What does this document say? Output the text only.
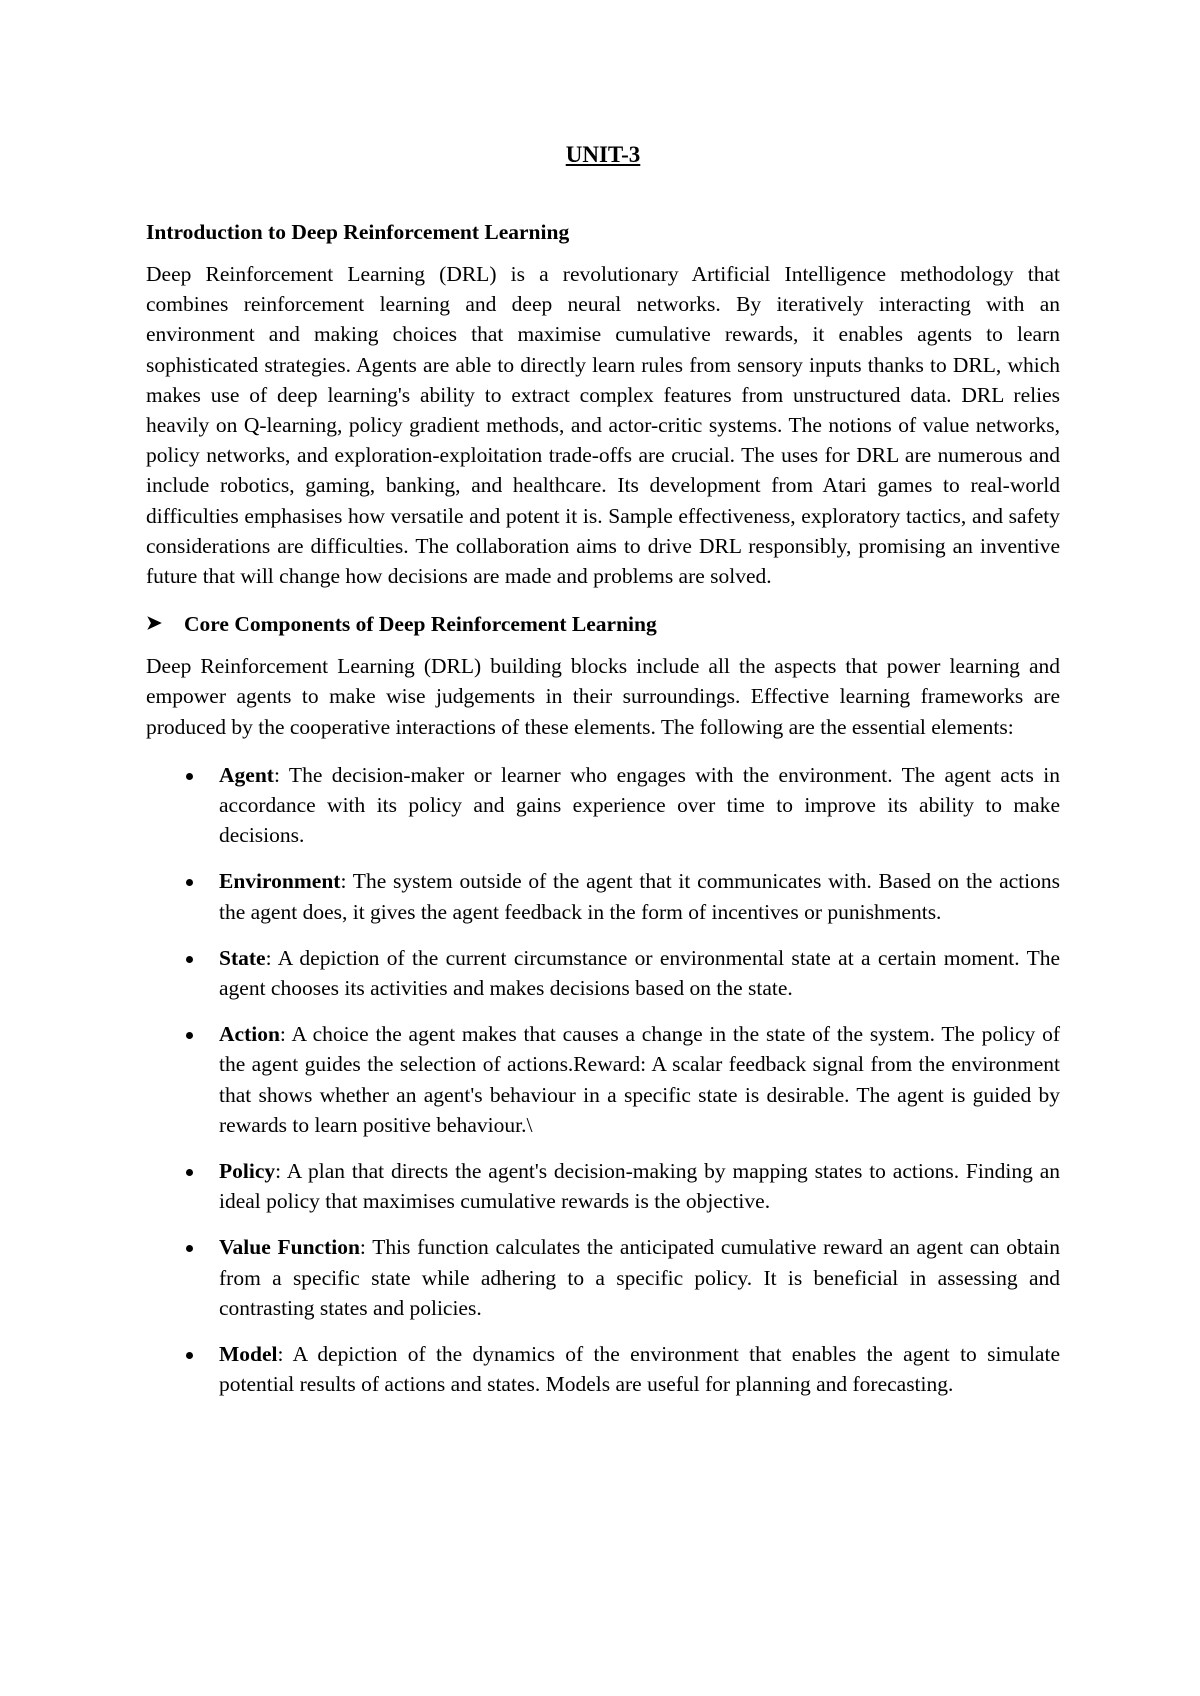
UNIT-3
Introduction to Deep Reinforcement Learning

Deep Reinforcement Learning (DRL) is a revolutionary Artificial Intelligence methodology that combines reinforcement learning and deep neural networks. By iteratively interacting with an environment and making choices that maximise cumulative rewards, it enables agents to learn sophisticated strategies. Agents are able to directly learn rules from sensory inputs thanks to DRL, which makes use of deep learning's ability to extract complex features from unstructured data. DRL relies heavily on Q-learning, policy gradient methods, and actor-critic systems. The notions of value networks, policy networks, and exploration-exploitation trade-offs are crucial. The uses for DRL are numerous and include robotics, gaming, banking, and healthcare. Its development from Atari games to real-world difficulties emphasises how versatile and potent it is. Sample effectiveness, exploratory tactics, and safety considerations are difficulties. The collaboration aims to drive DRL responsibly, promising an inventive future that will change how decisions are made and problems are solved.

➤ Core Components of Deep Reinforcement Learning

Deep Reinforcement Learning (DRL) building blocks include all the aspects that power learning and empower agents to make wise judgements in their surroundings. Effective learning frameworks are produced by the cooperative interactions of these elements. The following are the essential elements:

Agent: The decision-maker or learner who engages with the environment. The agent acts in accordance with its policy and gains experience over time to improve its ability to make decisions.
Environment: The system outside of the agent that it communicates with. Based on the actions the agent does, it gives the agent feedback in the form of incentives or punishments.
State: A depiction of the current circumstance or environmental state at a certain moment. The agent chooses its activities and makes decisions based on the state.
Action: A choice the agent makes that causes a change in the state of the system. The policy of the agent guides the selection of actions.Reward: A scalar feedback signal from the environment that shows whether an agent's behaviour in a specific state is desirable. The agent is guided by rewards to learn positive behaviour.\
Policy: A plan that directs the agent's decision-making by mapping states to actions. Finding an ideal policy that maximises cumulative rewards is the objective.
Value Function: This function calculates the anticipated cumulative reward an agent can obtain from a specific state while adhering to a specific policy. It is beneficial in assessing and contrasting states and policies.
Model: A depiction of the dynamics of the environment that enables the agent to simulate potential results of actions and states. Models are useful for planning and forecasting.
